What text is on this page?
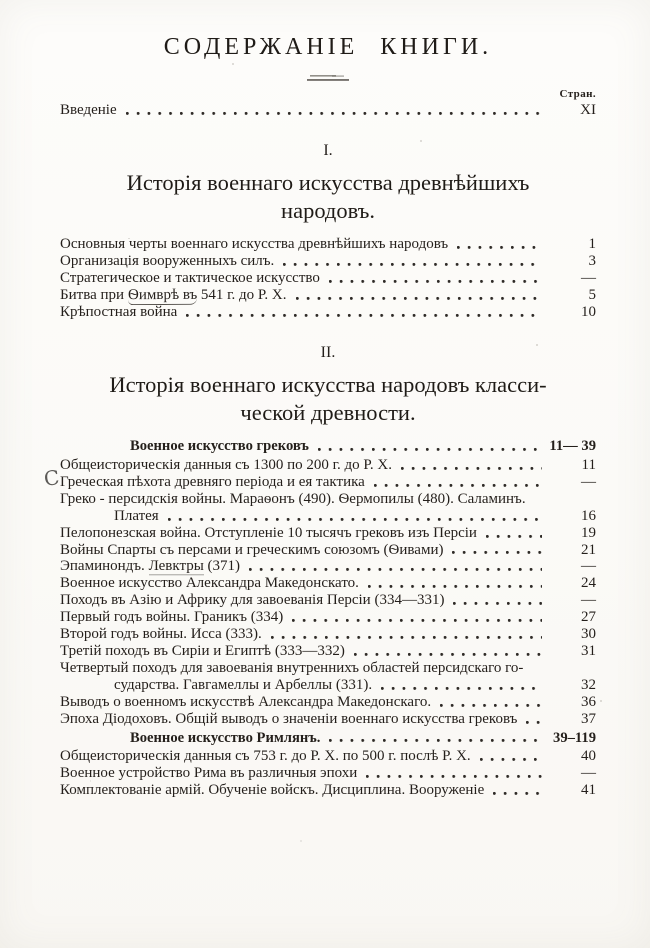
СОДЕРЖАНІЕ КНИГИ.
Стран.
Введеніе	XI
I.
Исторія военнаго искусства древнѣйшихъ
народовъ.
Основныя черты военнаго искусства древнѣйшихъ народовъ	1
Организація вооруженныхъ силъ.	3
Стратегическое и тактическое искусство	—
Битва при Ѳимврѣ въ 541 г. до Р. Х.	5
Крѣпостная война	10
II.
Исторія военнаго искусства народовъ класси-
ческой древности.
Военное искусство грековъ	11— 39
Общеисторическія данныя съ 1300 по 200 г. до Р. Х.	11
С Греческая пѣхота древняго періода и ея тактика	—
Греко - персидскія войны. Мараѳонъ (490). Ѳермопилы (480). Саламинъ.
Платея	16
Пелопонезская война. Отступленіе 10 тысячъ грековъ изъ Персіи	19
Войны Спарты съ персами и греческимъ союзомъ (Ѳивами)	21
Эпаминондъ. Левктры (371)	—
Военное искусство Александра Македонскато.	24
Походъ въ Азію и Африку для завоеванія Персіи (334—331)	—
Первый годъ войны. Граникъ (334)	27
Второй годъ войны. Исса (333).	30
Третій походъ въ Сиріи и Египтѣ (333—332)	31
Четвертый походъ для завоеванія внутреннихъ областей персидскаго го-
сударства. Гавгамеллы и Арбеллы (331).	32
Выводъ о военномъ искусствѣ Александра Македонскаго.	36
Эпоха Діодоховъ. Общій выводъ о значеніи военнаго искусства грековъ	37
Военное искусство Римлянъ.	39–119
Общеисторическія данныя съ 753 г. до Р. Х. по 500 г. послѣ Р. Х.	40
Военное устройство Рима въ различныя эпохи	—
Комплектованіе армій. Обученіе войскъ. Дисциплина. Вооруженіе	41
